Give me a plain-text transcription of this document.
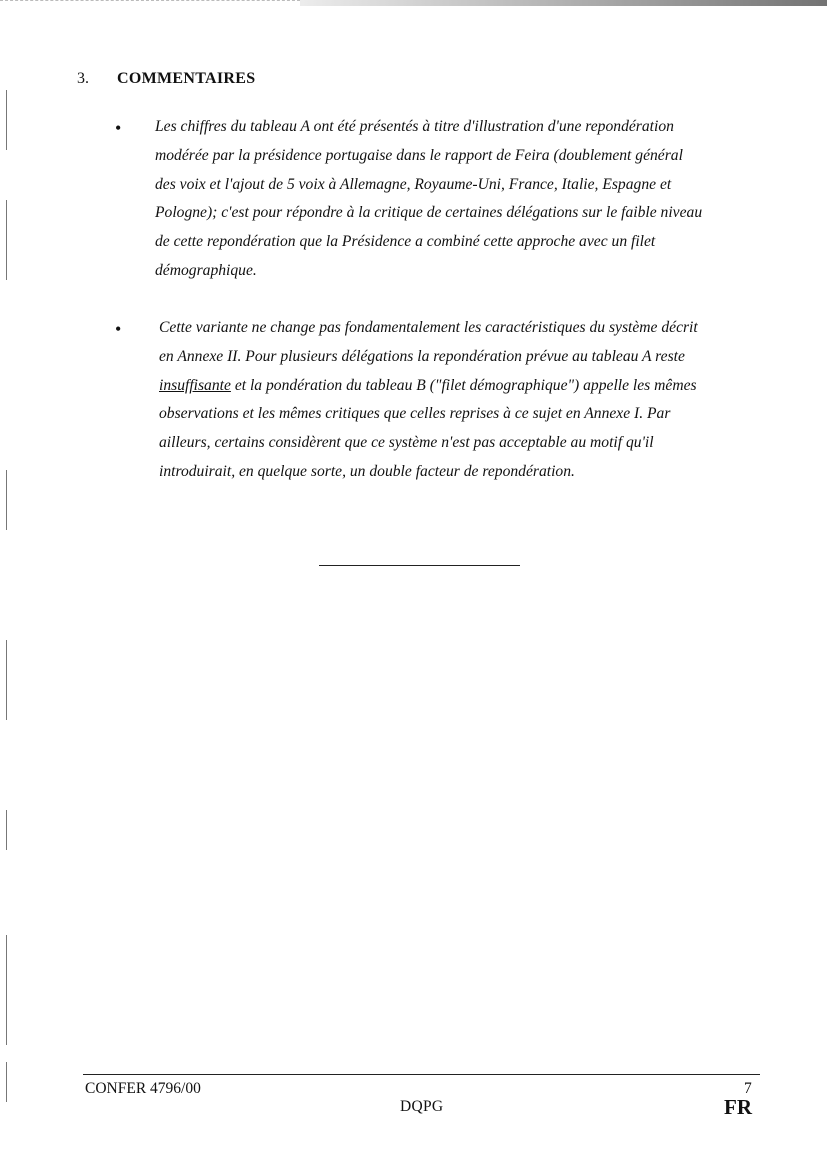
3. COMMENTAIRES
• Les chiffres du tableau A ont été présentés à titre d'illustration d'une repondération
modérée par la présidence portugaise dans le rapport de Feira (doublement général
des voix et l'ajout de 5 voix à Allemagne, Royaume-Uni, France, Italie, Espagne et
Pologne); c'est pour répondre à la critique de certaines délégations sur le faible niveau
de cette repondération que la Présidence a combiné cette approche avec un filet
démographique.

• Cette variante ne change pas fondamentalement les caractéristiques du système décrit
en Annexe II. Pour plusieurs délégations la repondération prévue au tableau A reste
insuffisante et la pondération du tableau B ("filet démographique") appelle les mêmes
observations et les mêmes critiques que celles reprises à ce sujet en Annexe I. Par
ailleurs, certains considèrent que ce système n'est pas acceptable au motif qu'il
introduirait, en quelque sorte, un double facteur de repondération.

CONFER 4796/00	7
DQPG	FR
